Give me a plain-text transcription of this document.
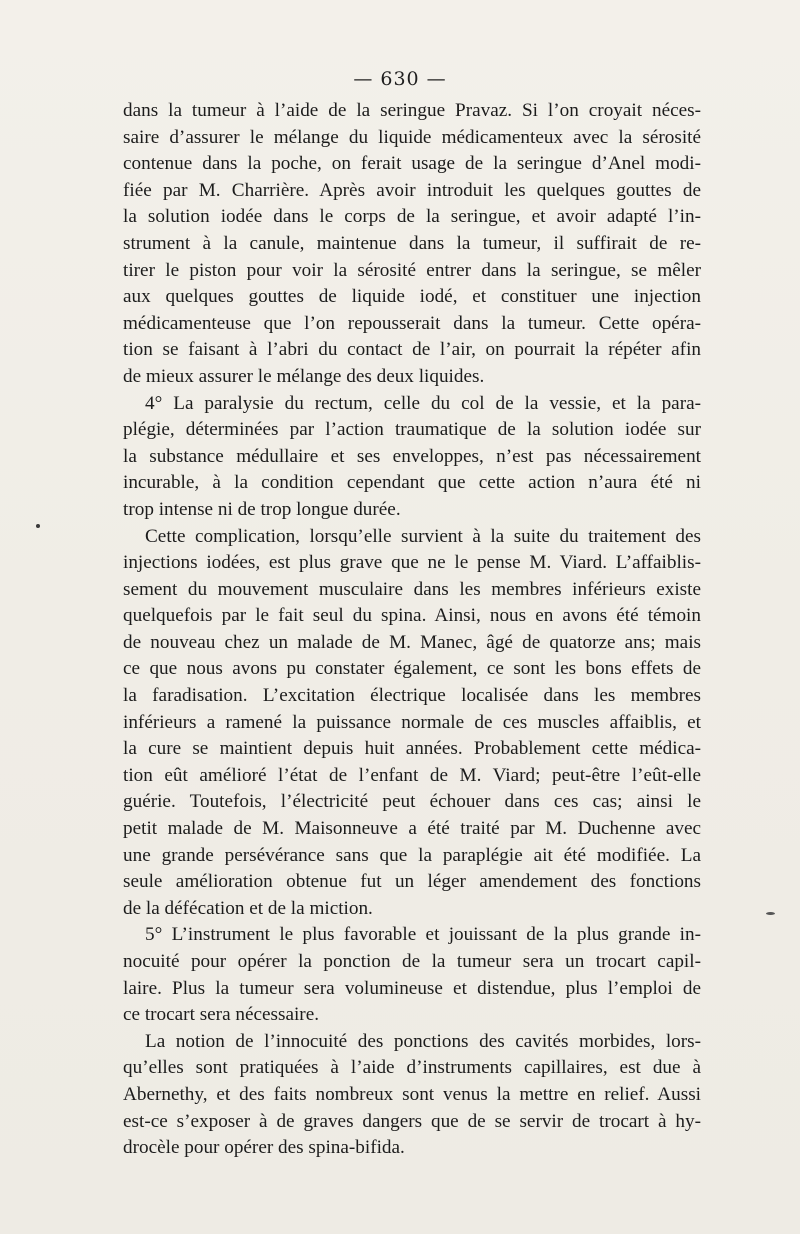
— 630 —
dans la tumeur à l’aide de la seringue Pravaz. Si l’on croyait néces-
saire d’assurer le mélange du liquide médicamenteux avec la sérosité
contenue dans la poche, on ferait usage de la seringue d’Anel modi-
fiée par M. Charrière. Après avoir introduit les quelques gouttes de
la solution iodée dans le corps de la seringue, et avoir adapté l’in-
strument à la canule, maintenue dans la tumeur, il suffirait de re-
tirer le piston pour voir la sérosité entrer dans la seringue, se mêler
aux quelques gouttes de liquide iodé, et constituer une injection
médicamenteuse que l’on repousserait dans la tumeur. Cette opéra-
tion se faisant à l’abri du contact de l’air, on pourrait la répéter afin
de mieux assurer le mélange des deux liquides.
4° La paralysie du rectum, celle du col de la vessie, et la para-
plégie, déterminées par l’action traumatique de la solution iodée sur
la substance médullaire et ses enveloppes, n’est pas nécessairement
incurable, à la condition cependant que cette action n’aura été ni
trop intense ni de trop longue durée.
Cette complication, lorsqu’elle survient à la suite du traitement des
injections iodées, est plus grave que ne le pense M. Viard. L’affaiblis-
sement du mouvement musculaire dans les membres inférieurs existe
quelquefois par le fait seul du spina. Ainsi, nous en avons été témoin
de nouveau chez un malade de M. Manec, âgé de quatorze ans; mais
ce que nous avons pu constater également, ce sont les bons effets de
la faradisation. L’excitation électrique localisée dans les membres
inférieurs a ramené la puissance normale de ces muscles affaiblis, et
la cure se maintient depuis huit années. Probablement cette médica-
tion eût amélioré l’état de l’enfant de M. Viard; peut-être l’eût-elle
guérie. Toutefois, l’électricité peut échouer dans ces cas; ainsi le
petit malade de M. Maisonneuve a été traité par M. Duchenne avec
une grande persévérance sans que la paraplégie ait été modifiée. La
seule amélioration obtenue fut un léger amendement des fonctions
de la défécation et de la miction.
5° L’instrument le plus favorable et jouissant de la plus grande in-
nocuité pour opérer la ponction de la tumeur sera un trocart capil-
laire. Plus la tumeur sera volumineuse et distendue, plus l’emploi de
ce trocart sera nécessaire.
La notion de l’innocuité des ponctions des cavités morbides, lors-
qu’elles sont pratiquées à l’aide d’instruments capillaires, est due à
Abernethy, et des faits nombreux sont venus la mettre en relief. Aussi
est-ce s’exposer à de graves dangers que de se servir de trocart à hy-
drocèle pour opérer des spina-bifida.
